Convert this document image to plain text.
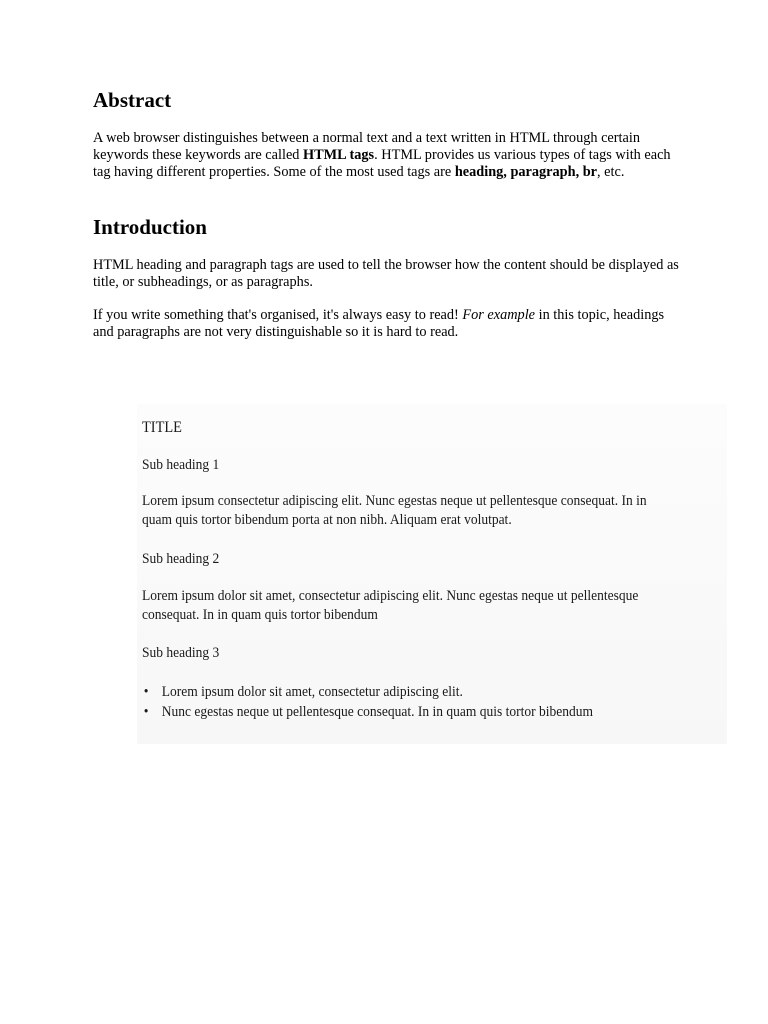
Abstract

A web browser distinguishes between a normal text and a text written in HTML through certain keywords these keywords are called HTML tags. HTML provides us various types of tags with each tag having different properties. Some of the most used tags are heading, paragraph, br, etc.

Introduction

HTML heading and paragraph tags are used to tell the browser how the content should be displayed as title, or subheadings, or as paragraphs.

If you write something that's organised, it's always easy to read! For example in this topic, headings and paragraphs are not very distinguishable so it is hard to read.

TITLE
Sub heading 1
Lorem ipsum consectetur adipiscing elit. Nunc egestas neque ut pellentesque consequat. In in
quam quis tortor bibendum porta at non nibh. Aliquam erat volutpat.
Sub heading 2
Lorem ipsum dolor sit amet, consectetur adipiscing elit. Nunc egestas neque ut pellentesque
consequat. In in quam quis tortor bibendum
Sub heading 3
• Lorem ipsum dolor sit amet, consectetur adipiscing elit.
• Nunc egestas neque ut pellentesque consequat. In in quam quis tortor bibendum
